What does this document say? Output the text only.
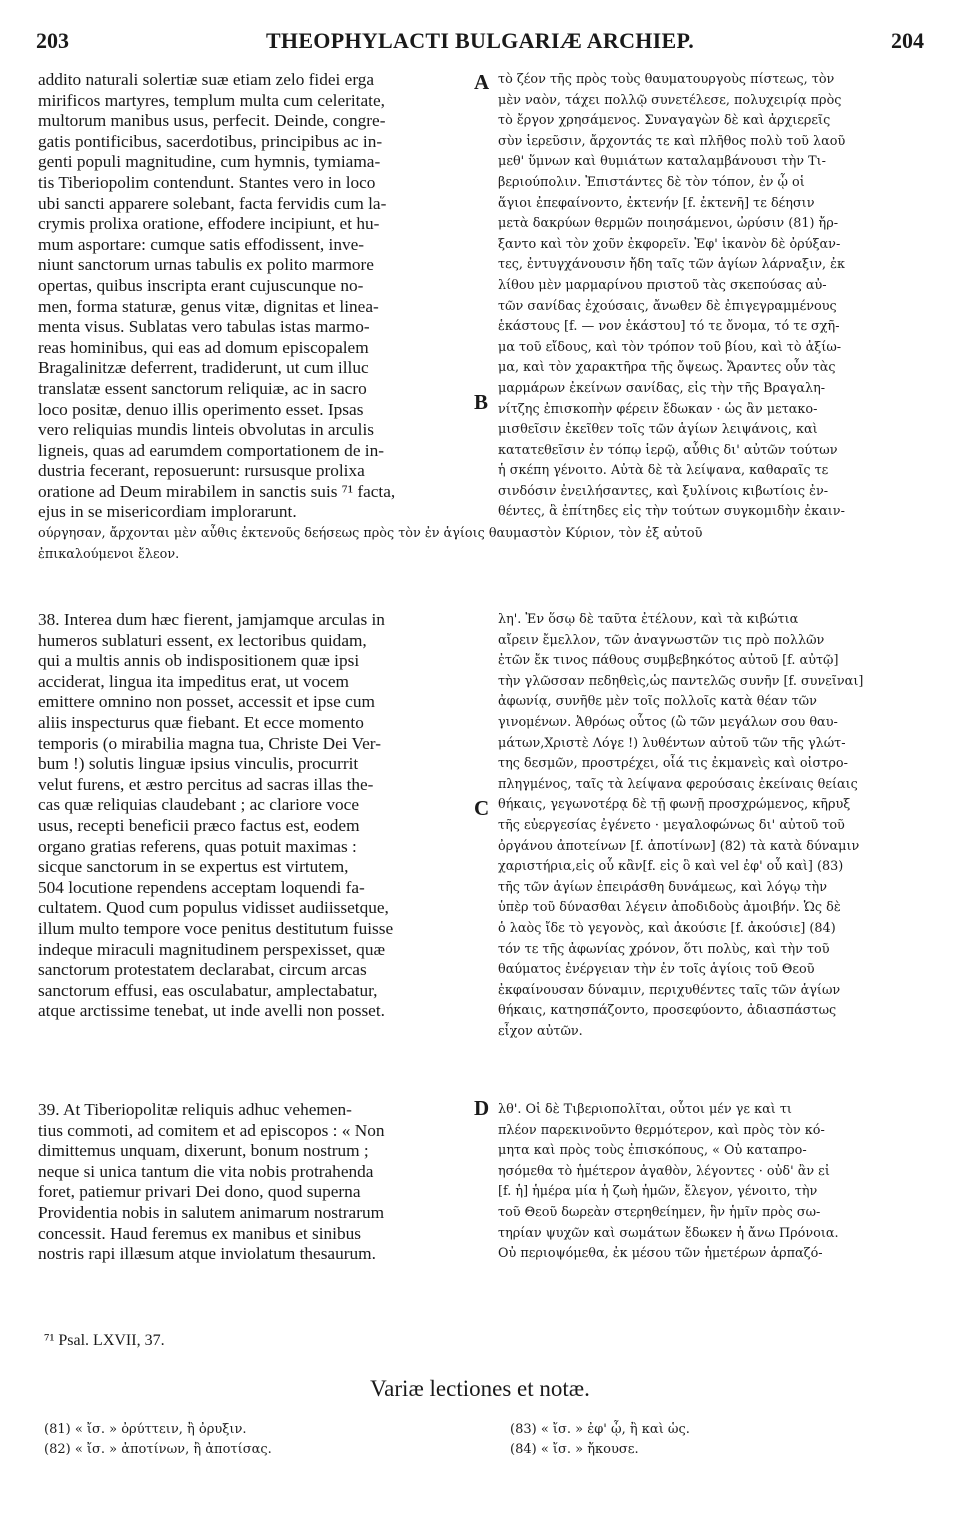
203	THEOPHYLACTI BULGARIÆ ARCHIEP.	204
addito naturali solertiæ suæ etiam zelo fidei erga
mirificos martyres, templum multa cum celeritate,
multorum manibus usus, perfecit. Deinde, congre-
gatis pontificibus, sacerdotibus, principibus ac in-
genti populi magnitudine, cum hymnis, tymiama-
tis Tiberiopolim contendunt. Stantes vero in loco
ubi sancti apparere solebant, facta fervidis cum la-
crymis prolixa oratione, effodere incipiunt, et hu-
mum asportare: cumque satis effodissent, inve-
niunt sanctorum urnas tabulis ex polito marmore
opertas, quibus inscripta erant cujuscunque no-
men, forma staturæ, genus vitæ, dignitas et linea-
menta visus. Sublatas vero tabulas istas marmo-
reas hominibus, qui eas ad domum episcopalem
Bragalinitzæ deferrent, tradiderunt, ut cum illuc
translatæ essent sanctorum reliquiæ, ac in sacro
loco positæ, denuo illis operimento esset. Ipsas
vero reliquias mundis linteis obvolutas in arculis
ligneis, quas ad earumdem comportationem de in-
dustria fecerant, reposuerunt: rursusque prolixa
oratione ad Deum mirabilem in sanctis suis ⁷¹ facta,
ejus in se misericordiam implorarunt.
τὸ ζέον τῆς πρὸς τοὺς θαυματουργοὺς πίστεως, τὸν
μὲν ναὸν, τάχει πολλῷ συνετέλεσε, πολυχειρίᾳ πρὸς
τὸ ἔργον χρησάμενος. Συναγαγὼν δὲ καὶ ἀρχιερεῖς
σὺν ἱερεῦσιν, ἄρχοντάς τε καὶ πλῆθος πολὺ τοῦ λαοῦ
μεθ' ὕμνων καὶ θυμιάτων καταλαμβάνουσι τὴν Τι-
βεριούπολιν. Ἐπιστάντες δὲ τὸν τόπον, ἐν ᾧ οἱ
ἅγιοι ἐπεφαίνοντο, ἐκτενήν [f. ἐκτενῆ] τε δέησιν
μετὰ δακρύων θερμῶν ποιησάμενοι, ὠρύσιν (81) ἤρ-
ξαντο καὶ τὸν χοῦν ἐκφορεῖν. Ἐφ' ἱκανὸν δὲ ὀρύξαν-
τες, ἐντυγχάνουσιν ἤδη ταῖς τῶν ἁγίων λάρναξιν, ἐκ
λίθου μὲν μαρμαρίνου πριστοῦ τὰς σκεπούσας αὐ-
τῶν σανίδας ἐχούσαις, ἄνωθεν δὲ ἐπιγεγραμμένους
ἑκάστους [f. — νον ἑκάστου] τό τε ὄνομα, τό τε σχῆ-
μα τοῦ εἴδους, καὶ τὸν τρόπον τοῦ βίου, καὶ τὸ ἀξίω-
μα, καὶ τὸν χαρακτῆρα τῆς ὄψεως. Ἄραντες οὖν τὰς
μαρμάρων ἐκείνων σανίδας, εἰς τὴν τῆς Βραγαλη-
νίτζης ἐπισκοπὴν φέρειν ἔδωκαν · ὡς ἂν μετακο-
μισθεῖσιν ἐκεῖθεν τοῖς τῶν ἁγίων λειψάνοις, καὶ
κατατεθεῖσιν ἐν τόπῳ ἱερῷ, αὖθις δι' αὐτῶν τούτων
ἡ σκέπη γένοιτο. Αὐτὰ δὲ τὰ λείψανα, καθαραῖς τε
σινδόσιν ἐνειλήσαντες, καὶ ξυλίνοις κιβωτίοις ἐν-
θέντες, ἃ ἐπίτηδες εἰς τὴν τούτων συγκομιδὴν ἐκαιν-
ούργησαν, ἄρχονται μὲν αὖθις ἐκτενοῦς δεήσεως πρὸς τὸν ἐν ἁγίοις θαυμαστὸν Κύριον, τὸν ἐξ αὐτοῦ
ἐπικαλούμενοι ἔλεον.
38. Interea dum hæc fierent, jamjamque arculas in
humeros sublaturi essent, ex lectoribus quidam,
qui a multis annis ob indispositionem quæ ipsi
acciderat, lingua ita impeditus erat, ut vocem
emittere omnino non posset, accessit et ipse cum
aliis inspecturus quæ fiebant. Et ecce momento
temporis (o mirabilia magna tua, Christe Dei Ver-
bum !) solutis linguæ ipsius vinculis, procurrit
velut furens, et æstro percitus ad sacras illas the-
cas quæ reliquias claudebant ; ac clariore voce
usus, recepti beneficii præco factus est, eodem
organo gratias referens, quas potuit maximas :
sicque sanctorum in se expertus est virtutem,
504 locutione rependens acceptam loquendi fa-
cultatem. Quod cum populus vidisset audiissetque,
illum multo tempore voce penitus destitutum fuisse
indeque miraculi magnitudinem perspexisset, quæ
sanctorum protestatem declarabat, circum arcas
sanctorum effusi, eas osculabatur, amplectabatur,
atque arctissime tenebat, ut inde avelli non posset.
λη'. Ἐν ὅσῳ δὲ ταῦτα ἐτέλουν, καὶ τὰ κιβώτια
αἴρειν ἔμελλον, τῶν ἀναγνωστῶν τις πρὸ πολλῶν
ἐτῶν ἔκ τινος πάθους συμβεβηκότος αὐτοῦ [f. αὐτῷ]
τὴν γλῶσσαν πεδηθεὶς,ὡς παντελῶς συνῆν [f. συνεῖναι]
ἀφωνίᾳ, συνῆθε μὲν τοῖς πολλοῖς κατὰ θέαν τῶν
γινομένων. Ἀθρόως οὗτος (ὢ τῶν μεγάλων σου θαυ-
μάτων,Χριστὲ Λόγε !) λυθέντων αὐτοῦ τῶν τῆς γλώτ-
της δεσμῶν, προστρέχει, οἷά τις ἐκμανεὶς καὶ οἰστρο-
πληγμένος, ταῖς τὰ λείψανα φερούσαις ἐκείναις θείαις
θήκαις, γεγωνοτέρᾳ δὲ τῇ φωνῇ προσχρώμενος, κῆρυξ
τῆς εὐεργεσίας ἐγένετο · μεγαλοφώνως δι' αὐτοῦ τοῦ
ὀργάνου ἀποτείνων [f. ἀποτίνων] (82) τὰ κατὰ δύναμιν
χαριστήρια,εἰς οὗ κἂν[f. εἰς ὃ καὶ vel ἐφ' οὗ καὶ] (83)
τῆς τῶν ἁγίων ἐπειράσθη δυνάμεως, καὶ λόγῳ τὴν
ὑπὲρ τοῦ δύνασθαι λέγειν ἀποδιδοὺς ἀμοιβήν. Ὡς δὲ
ὁ λαὸς ἴδε τὸ γεγονὸς, καὶ ἀκούσιε [f. ἀκούσιε] (84)
τόν τε τῆς ἀφωνίας χρόνον, ὅτι πολὺς, καὶ τὴν τοῦ
θαύματος ἐνέργειαν τὴν ἐν τοῖς ἁγίοις τοῦ Θεοῦ
ἐκφαίνουσαν δύναμιν, περιχυθέντες ταῖς τῶν ἁγίων
θήκαις, κατησπάζοντο, προσεφύοντο, ἀδιασπάστως
εἶχον αὐτῶν.
39. At Tiberiopolitæ reliquis adhuc vehemen-
tius commoti, ad comitem et ad episcopos : « Non
dimittemus unquam, dixerunt, bonum nostrum ;
neque si unica tantum die vita nobis protrahenda
foret, patiemur privari Dei dono, quod superna
Providentia nobis in salutem animarum nostrarum
concessit. Haud feremus ex manibus et sinibus
nostris rapi illæsum atque inviolatum thesaurum.
λθ'. Οἱ δὲ Τιβεριοπολῖται, οὗτοι μέν γε καὶ τι
πλέον παρεκινοῦντο θερμότερον, καὶ πρὸς τὸν κό-
μητα καὶ πρὸς τοὺς ἐπισκόπους, « Οὐ καταπρο-
ησόμεθα τὸ ἡμέτερον ἀγαθὸν, λέγοντες · οὐδ' ἂν εἰ
[f. ἡ] ἡμέρα μία ἡ ζωὴ ἡμῶν, ἔλεγον, γένοιτο, τὴν
τοῦ Θεοῦ δωρεὰν στερηθείημεν, ἣν ἡμῖν πρὸς σω-
τηρίαν ψυχῶν καὶ σωμάτων ἔδωκεν ἡ ἄνω Πρόνοια.
Οὐ περιοψόμεθα, ἐκ μέσου τῶν ἡμετέρων ἁρπαζό-
A
B
C
D
⁷¹ Psal. LXVII, 37.
Variæ lectiones et notæ.
(81) « ἴσ. » ὀρύττειν, ἢ ὀρυξιν.
(82) « ἴσ. » ἀποτίνων, ἢ ἀποτίσας.
(83) « ἴσ. » ἐφ' ᾧ, ἢ καὶ ὡς.
(84) « ἴσ. » ἤκουσε.
